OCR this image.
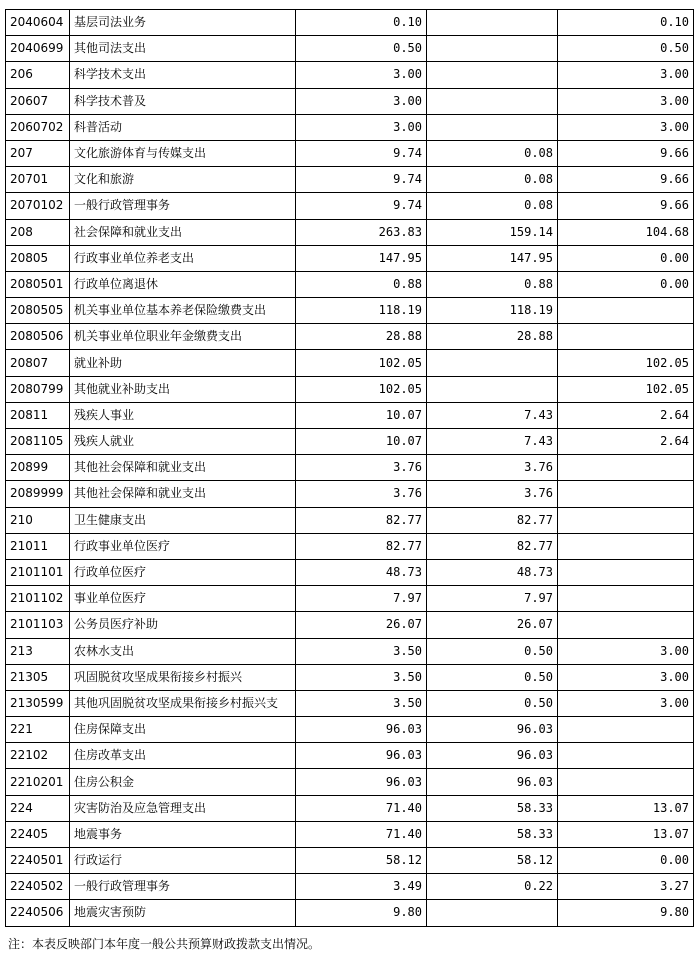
2040604	基层司法业务	0.10		0.10
2040699	其他司法支出	0.50		0.50
206	科学技术支出	3.00		3.00
20607	科学技术普及	3.00		3.00
2060702	科普活动	3.00		3.00
207	文化旅游体育与传媒支出	9.74	0.08	9.66
20701	文化和旅游	9.74	0.08	9.66
2070102	一般行政管理事务	9.74	0.08	9.66
208	社会保障和就业支出	263.83	159.14	104.68
20805	行政事业单位养老支出	147.95	147.95	0.00
2080501	行政单位离退休	0.88	0.88	0.00
2080505	机关事业单位基本养老保险缴费支出	118.19	118.19	
2080506	机关事业单位职业年金缴费支出	28.88	28.88	
20807	就业补助	102.05		102.05
2080799	其他就业补助支出	102.05		102.05
20811	残疾人事业	10.07	7.43	2.64
2081105	残疾人就业	10.07	7.43	2.64
20899	其他社会保障和就业支出	3.76	3.76	
2089999	其他社会保障和就业支出	3.76	3.76	
210	卫生健康支出	82.77	82.77	
21011	行政事业单位医疗	82.77	82.77	
2101101	行政单位医疗	48.73	48.73	
2101102	事业单位医疗	7.97	7.97	
2101103	公务员医疗补助	26.07	26.07	
213	农林水支出	3.50	0.50	3.00
21305	巩固脱贫攻坚成果衔接乡村振兴	3.50	0.50	3.00
2130599	其他巩固脱贫攻坚成果衔接乡村振兴支	3.50	0.50	3.00
221	住房保障支出	96.03	96.03	
22102	住房改革支出	96.03	96.03	
2210201	住房公积金	96.03	96.03	
224	灾害防治及应急管理支出	71.40	58.33	13.07
22405	地震事务	71.40	58.33	13.07
2240501	行政运行	58.12	58.12	0.00
2240502	一般行政管理事务	3.49	0.22	3.27
2240506	地震灾害预防	9.80		9.80
注：本表反映部门本年度一般公共预算财政拨款支出情况。
